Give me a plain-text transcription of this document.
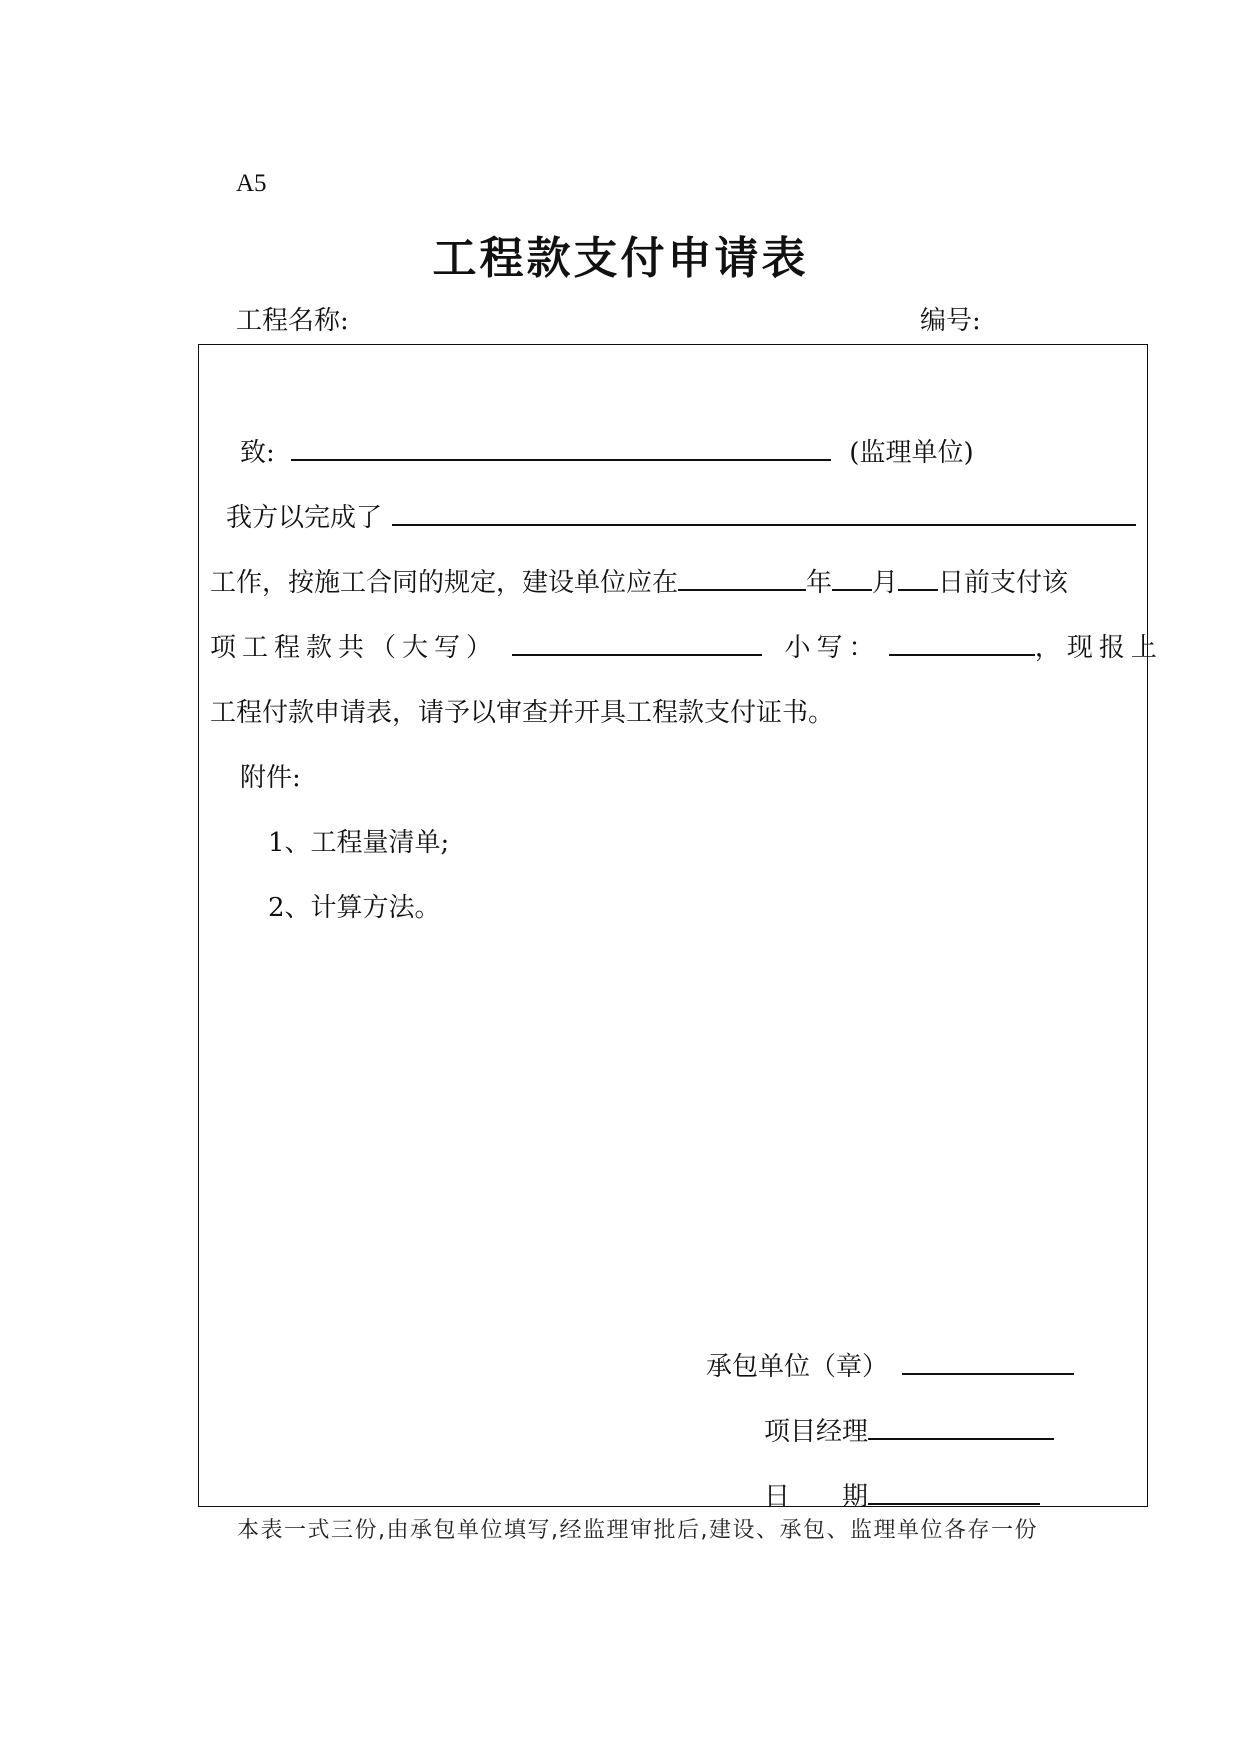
A5
工程款支付申请表
工程名称:	编号:
致:	(监理单位)
我方以完成了
工作，按施工合同的规定，建设单位应在	年 月 日前支付该
项工程款共（大写）	小写：	，现报上
工程付款申请表，请予以审查并开具工程款支付证书。
附件:
1、工程量清单;
2、计算方法。
承包单位（章）
项目经理
日 期
本表一式三份,由承包单位填写,经监理审批后,建设、承包、监理单位各存一份
